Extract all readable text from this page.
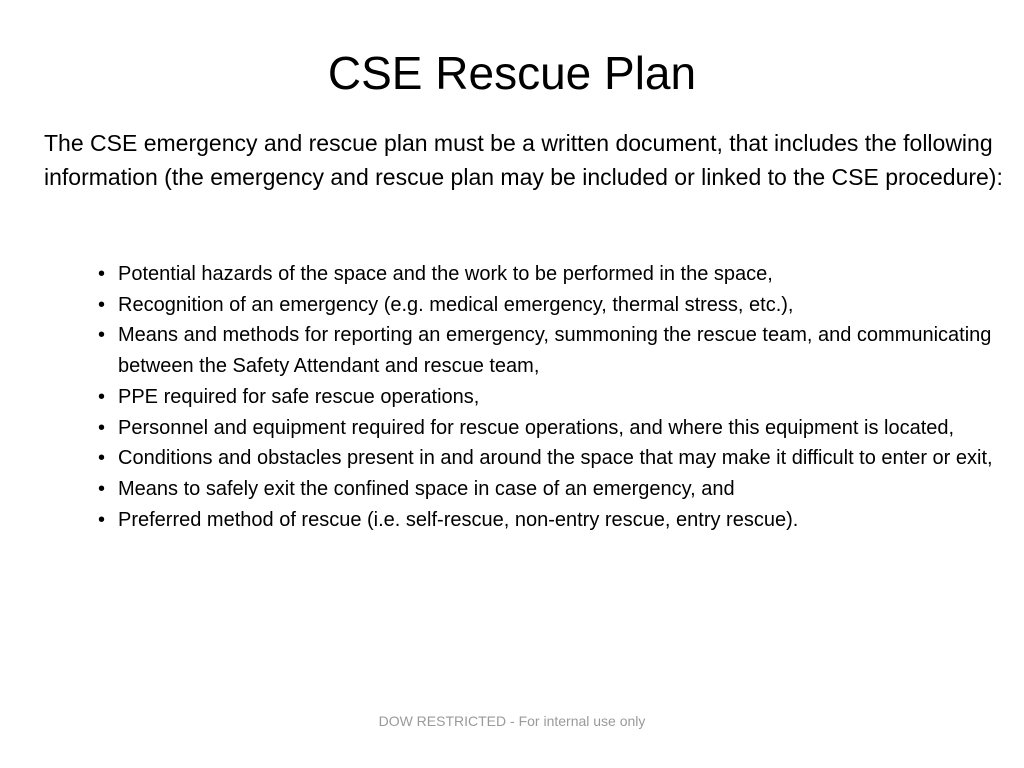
CSE Rescue Plan

The CSE emergency and rescue plan must be a written document, that includes the following information (the emergency and rescue plan may be included or linked to the CSE procedure):

• Potential hazards of the space and the work to be performed in the space,
• Recognition of an emergency (e.g. medical emergency, thermal stress, etc.),
• Means and methods for reporting an emergency, summoning the rescue team, and communicating between the Safety Attendant and rescue team,
• PPE required for safe rescue operations,
• Personnel and equipment required for rescue operations, and where this equipment is located,
• Conditions and obstacles present in and around the space that may make it difficult to enter or exit,
• Means to safely exit the confined space in case of an emergency, and
• Preferred method of rescue (i.e. self-rescue, non-entry rescue, entry rescue).

DOW RESTRICTED - For internal use only
